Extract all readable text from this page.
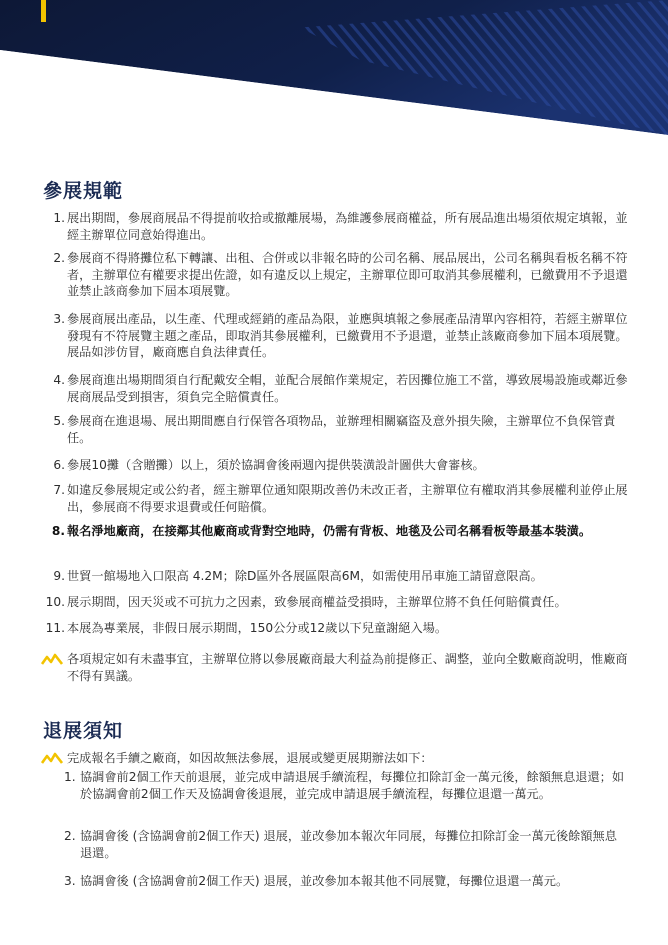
參展規範
1. 展出期間，參展商展品不得提前收拾或撤離展場，為維護參展商權益，所有展品進出場須依規定填報，並經主辦單位同意始得進出。
2. 參展商不得將攤位私下轉讓、出租、合併或以非報名時的公司名稱、展品展出，公司名稱與看板名稱不符者，主辦單位有權要求提出佐證，如有違反以上規定，主辦單位即可取消其參展權利，已繳費用不予退還並禁止該商參加下屆本項展覽。
3. 參展商展出產品，以生產、代理或經銷的產品為限，並應與填報之參展產品清單內容相符，若經主辦單位發現有不符展覽主題之產品，即取消其參展權利，已繳費用不予退還，並禁止該廠商參加下屆本項展覽。展品如涉仿冒，廠商應自負法律責任。
4. 參展商進出場期間須自行配戴安全帽，並配合展館作業規定，若因攤位施工不當，導致展場設施或鄰近參展商展品受到損害，須負完全賠償責任。
5. 參展商在進退場、展出期間應自行保管各項物品，並辦理相關竊盜及意外損失險，主辦單位不負保管責任。
6. 參展10攤（含贈攤）以上，須於協調會後兩週內提供裝潢設計圖供大會審核。
7. 如違反參展規定或公約者，經主辦單位通知限期改善仍未改正者，主辦單位有權取消其參展權利並停止展出，參展商不得要求退費或任何賠償。
8. 報名淨地廠商，在接鄰其他廠商或背對空地時，仍需有背板、地毯及公司名稱看板等最基本裝潢。
9. 世貿一館場地入口限高 4.2M；除D區外各展區限高6M，如需使用吊車施工請留意限高。
10. 展示期間，因天災或不可抗力之因素，致參展商權益受損時，主辦單位將不負任何賠償責任。
11. 本展為專業展，非假日展示期間，150公分或12歲以下兒童謝絕入場。
各項規定如有未盡事宜，主辦單位將以參展廠商最大利益為前提修正、調整，並向全數廠商說明，惟廠商不得有異議。
退展須知
完成報名手續之廠商，如因故無法參展，退展或變更展期辦法如下：
1. 協調會前2個工作天前退展，並完成申請退展手續流程，每攤位扣除訂金一萬元後，餘額無息退還；如於協調會前2個工作天及協調會後退展，並完成申請退展手續流程，每攤位退還一萬元。
2. 協調會後 (含協調會前2個工作天) 退展，並改參加本報次年同展，每攤位扣除訂金一萬元後餘額無息退還。
3. 協調會後 (含協調會前2個工作天) 退展，並改參加本報其他不同展覽，每攤位退還一萬元。
